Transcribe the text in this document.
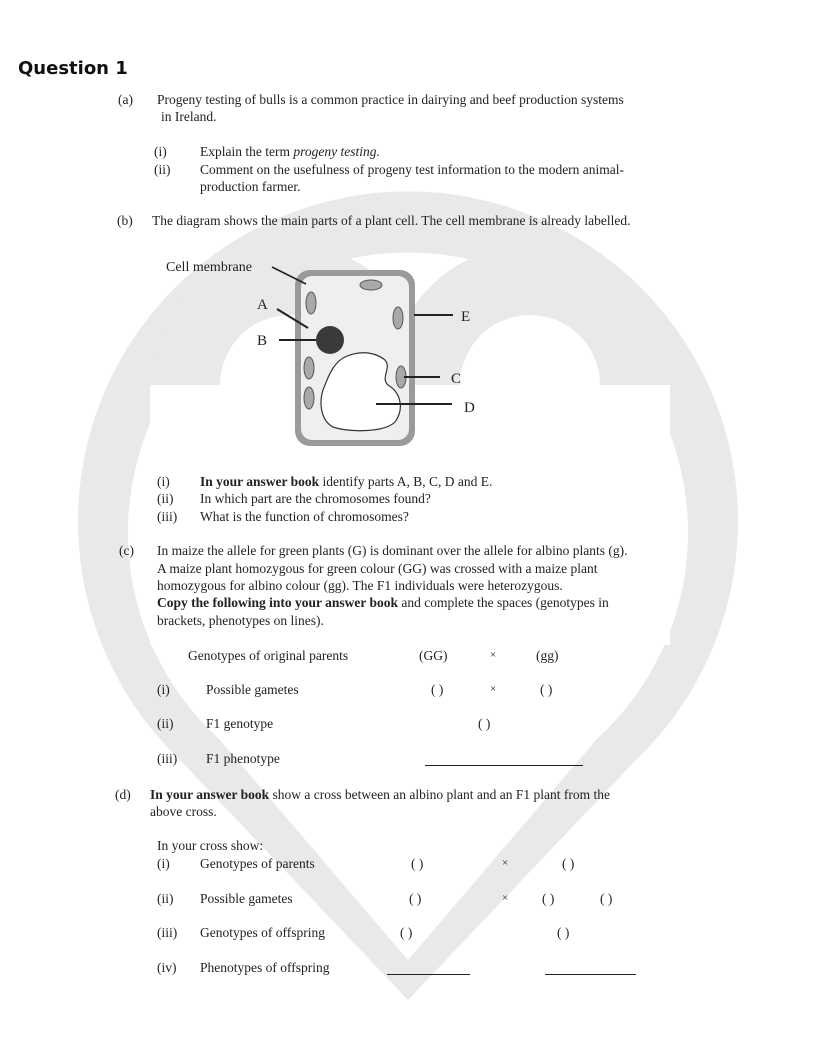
Question 1
(a) Progeny testing of bulls is a common practice in dairying and beef production systems
in Ireland.
(i) Explain the term progeny testing.
(ii) Comment on the usefulness of progeny test information to the modern animal-
production farmer.
(b) The diagram shows the main parts of a plant cell. The cell membrane is already labelled.
Cell membrane
A
B
C
D
E
(i) In your answer book identify parts A, B, C, D and E.
(ii) In which part are the chromosomes found?
(iii) What is the function of chromosomes?
(c) In maize the allele for green plants (G) is dominant over the allele for albino plants (g).
A maize plant homozygous for green colour (GG) was crossed with a maize plant
homozygous for albino colour (gg). The F1 individuals were heterozygous.
Copy the following into your answer book and complete the spaces (genotypes in
brackets, phenotypes on lines).
Genotypes of original parents	(GG)	×	(gg)
(i)	Possible gametes	( )	×	( )
(ii) F1 genotype	( )
(iii) F1 phenotype
(d) In your answer book show a cross between an albino plant and an F1 plant from the
above cross.
In your cross show:
(i) Genotypes of parents	( )	×	( )
(ii) Possible gametes	( )	×	( )	( )
(iii) Genotypes of offspring	( )	( )
(iv) Phenotypes of offspring
